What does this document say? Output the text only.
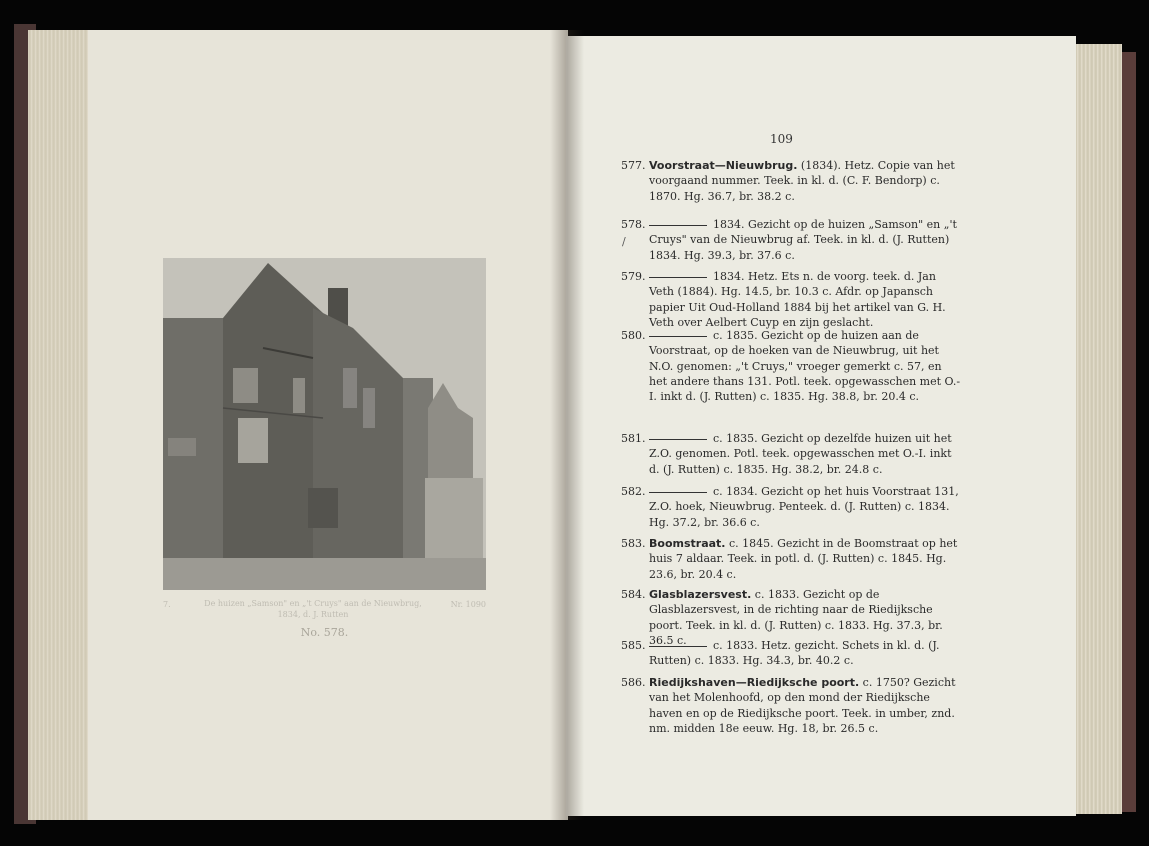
7.	De huizen „Samson" en „'t Cruys" aan de Nieuwbrug, 1834, d. J. Rutten
Nr. 1090
No. 578.
109
/
577. Voorstraat—Nieuwbrug. (1834). Hetz. Copie van het voorgaand nummer. Teek. in kl. d. (C. F. Bendorp) c. 1870. Hg. 36.7, br. 38.2 c.
578.	1834. Gezicht op de huizen „Samson" en „'t Cruys" van de Nieuwbrug af. Teek. in kl. d. (J. Rutten) 1834. Hg. 39.3, br. 37.6 c.
579.	1834. Hetz. Ets n. de voorg. teek. d. Jan Veth (1884). Hg. 14.5, br. 10.3 c. Afdr. op Japansch papier Uit Oud-Holland 1884 bij het artikel van G. H. Veth over Aelbert Cuyp en zijn geslacht.
580.	c. 1835. Gezicht op de huizen aan de Voorstraat, op de hoeken van de Nieuwbrug, uit het N.O. genomen: „'t Cruys," vroeger gemerkt c. 57, en het andere thans 131. Potl. teek. opgewasschen met O.-I. inkt d. (J. Rutten) c. 1835. Hg. 38.8, br. 20.4 c.
581.	c. 1835. Gezicht op dezelfde huizen uit het Z.O. genomen. Potl. teek. opgewasschen met O.-I. inkt d. (J. Rutten) c. 1835. Hg. 38.2, br. 24.8 c.
582.	c. 1834. Gezicht op het huis Voorstraat 131, Z.O. hoek, Nieuwbrug. Penteek. d. (J. Rutten) c. 1834. Hg. 37.2, br. 36.6 c.
583. Boomstraat. c. 1845. Gezicht in de Boomstraat op het huis 7 aldaar. Teek. in potl. d. (J. Rutten) c. 1845. Hg. 23.6, br. 20.4 c.
584. Glasblazersvest. c. 1833. Gezicht op de Glasblazersvest, in de richting naar de Riedijksche poort. Teek. in kl. d. (J. Rutten) c. 1833. Hg. 37.3, br. 36.5 c.
585.	c. 1833. Hetz. gezicht. Schets in kl. d. (J. Rutten) c. 1833. Hg. 34.3, br. 40.2 c.
586. Riedijkshaven—Riedijksche poort. c. 1750? Gezicht van het Molenhoofd, op den mond der Riedijksche haven en op de Riedijksche poort. Teek. in umber, znd. nm. midden 18e eeuw. Hg. 18, br. 26.5 c.
